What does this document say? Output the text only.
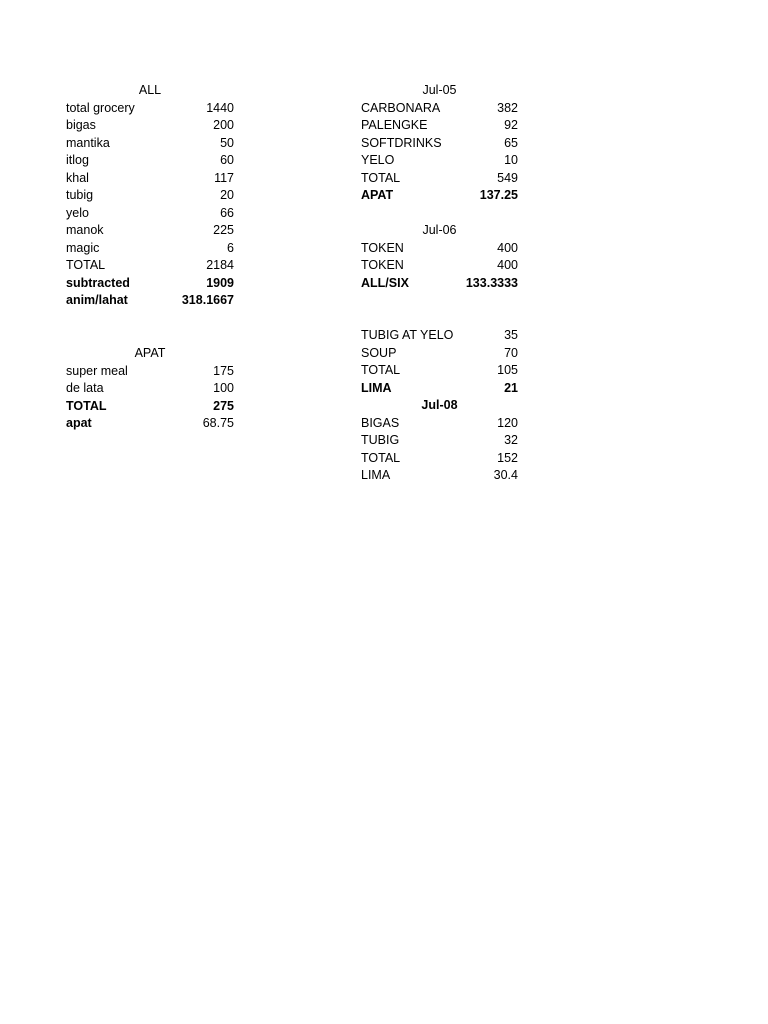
ALL
total grocery	1440
bigas	200
mantika	50
itlog	60
khal	117
tubig	20
yelo	66
manok	225
magic	6
TOTAL	2184
subtracted	1909
anim/lahat	318.1667
APAT
super meal	175
de lata	100
TOTAL	275
apat	68.75
Jul-05
CARBONARA	382
PALENGKE	92
SOFTDRINKS	65
YELO	10
TOTAL	549
APAT	137.25
Jul-06
TOKEN	400
TOKEN	400
ALL/SIX	133.3333
TUBIG AT YELO	35
SOUP	70
TOTAL	105
LIMA	21
Jul-08
BIGAS	120
TUBIG	32
TOTAL	152
LIMA	30.4
